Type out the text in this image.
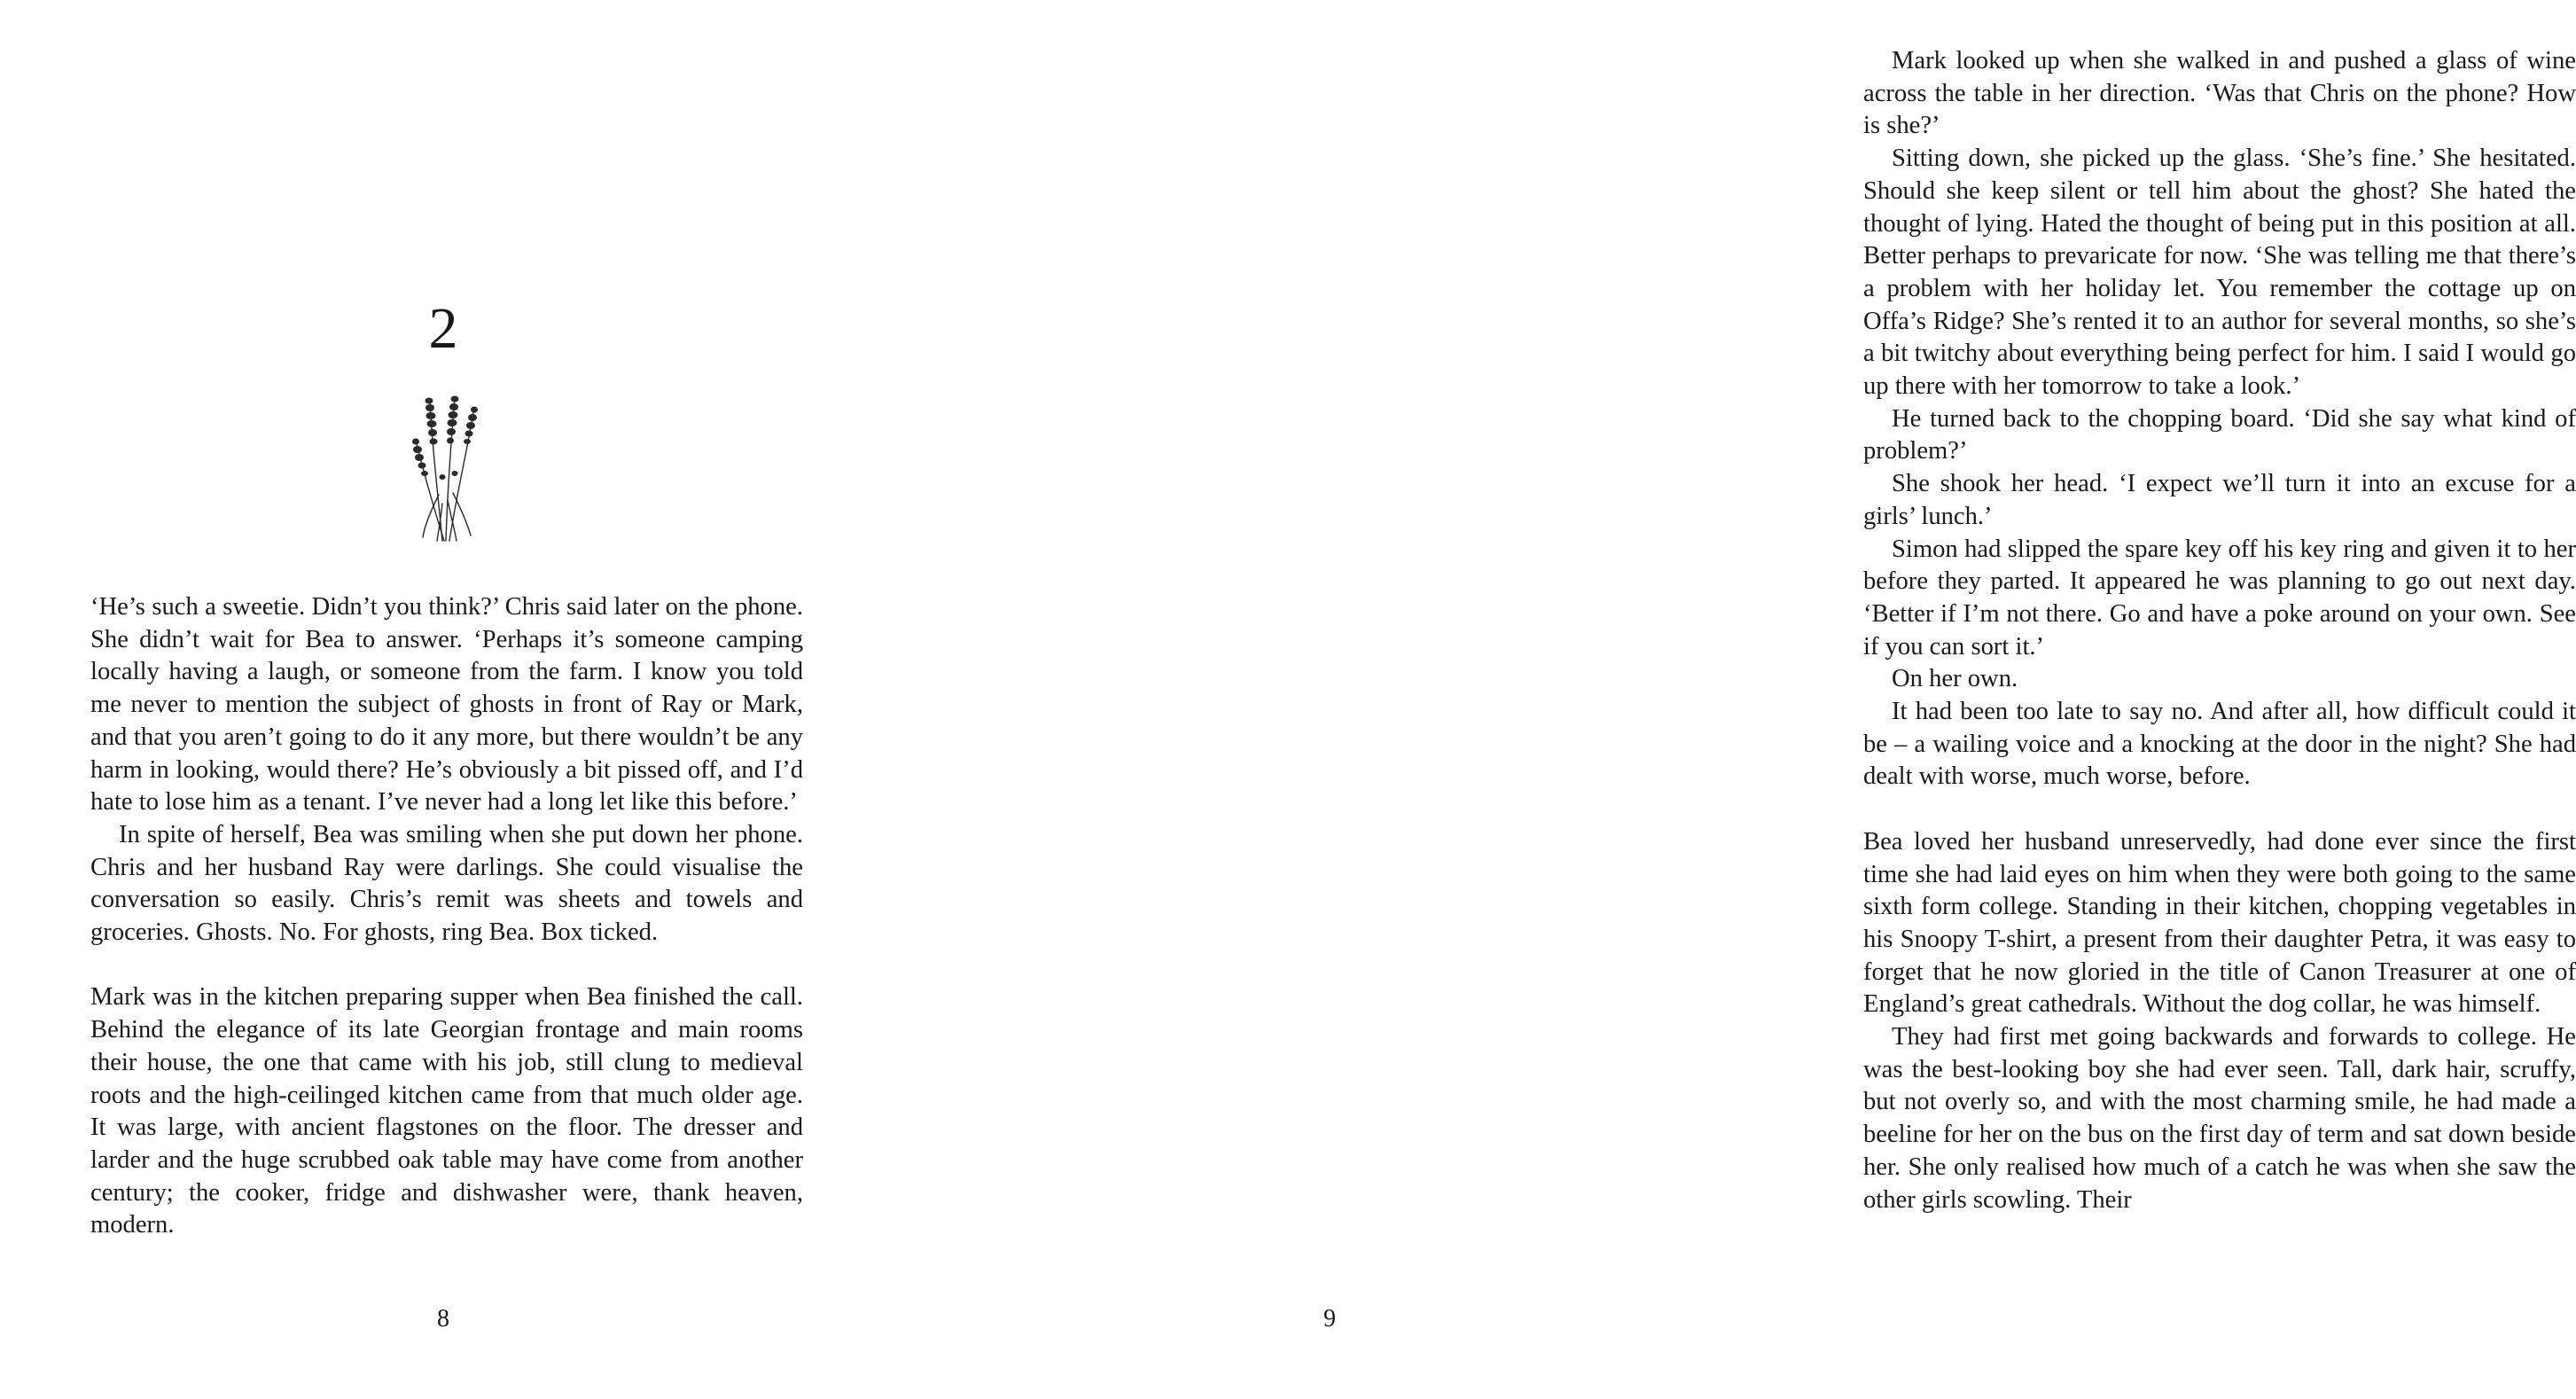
2

‘He’s such a sweetie. Didn’t you think?’ Chris said later on the phone. She didn’t wait for Bea to answer. ‘Perhaps it’s someone camping locally having a laugh, or someone from the farm. I know you told me never to mention the subject of ghosts in front of Ray or Mark, and that you aren’t going to do it any more, but there wouldn’t be any harm in looking, would there? He’s obviously a bit pissed off, and I’d hate to lose him as a tenant. I’ve never had a long let like this before.’

In spite of herself, Bea was smiling when she put down her phone. Chris and her husband Ray were darlings. She could visualise the conversation so easily. Chris’s remit was sheets and towels and groceries. Ghosts. No. For ghosts, ring Bea. Box ticked.

Mark was in the kitchen preparing supper when Bea finished the call. Behind the elegance of its late Georgian frontage and main rooms their house, the one that came with his job, still clung to medieval roots and the high-ceilinged kitchen came from that much older age. It was large, with ancient flagstones on the floor. The dresser and larder and the huge scrubbed oak table may have come from another century; the cooker, fridge and dishwasher were, thank heaven, modern.

8

Mark looked up when she walked in and pushed a glass of wine across the table in her direction. ‘Was that Chris on the phone? How is she?’

Sitting down, she picked up the glass. ‘She’s fine.’ She hesitated. Should she keep silent or tell him about the ghost? She hated the thought of lying. Hated the thought of being put in this position at all. Better perhaps to prevaricate for now. ‘She was telling me that there’s a problem with her holiday let. You remember the cottage up on Offa’s Ridge? She’s rented it to an author for several months, so she’s a bit twitchy about everything being perfect for him. I said I would go up there with her tomorrow to take a look.’

He turned back to the chopping board. ‘Did she say what kind of problem?’

She shook her head. ‘I expect we’ll turn it into an excuse for a girls’ lunch.’

Simon had slipped the spare key off his key ring and given it to her before they parted. It appeared he was planning to go out next day. ‘Better if I’m not there. Go and have a poke around on your own. See if you can sort it.’

On her own.

It had been too late to say no. And after all, how difficult could it be – a wailing voice and a knocking at the door in the night? She had dealt with worse, much worse, before.

Bea loved her husband unreservedly, had done ever since the first time she had laid eyes on him when they were both going to the same sixth form college. Standing in their kitchen, chopping vegetables in his Snoopy T-shirt, a present from their daughter Petra, it was easy to forget that he now gloried in the title of Canon Treasurer at one of England’s great cathedrals. Without the dog collar, he was himself.

They had first met going backwards and forwards to college. He was the best-looking boy she had ever seen. Tall, dark hair, scruffy, but not overly so, and with the most charming smile, he had made a beeline for her on the bus on the first day of term and sat down beside her. She only realised how much of a catch he was when she saw the other girls scowling. Their

9
